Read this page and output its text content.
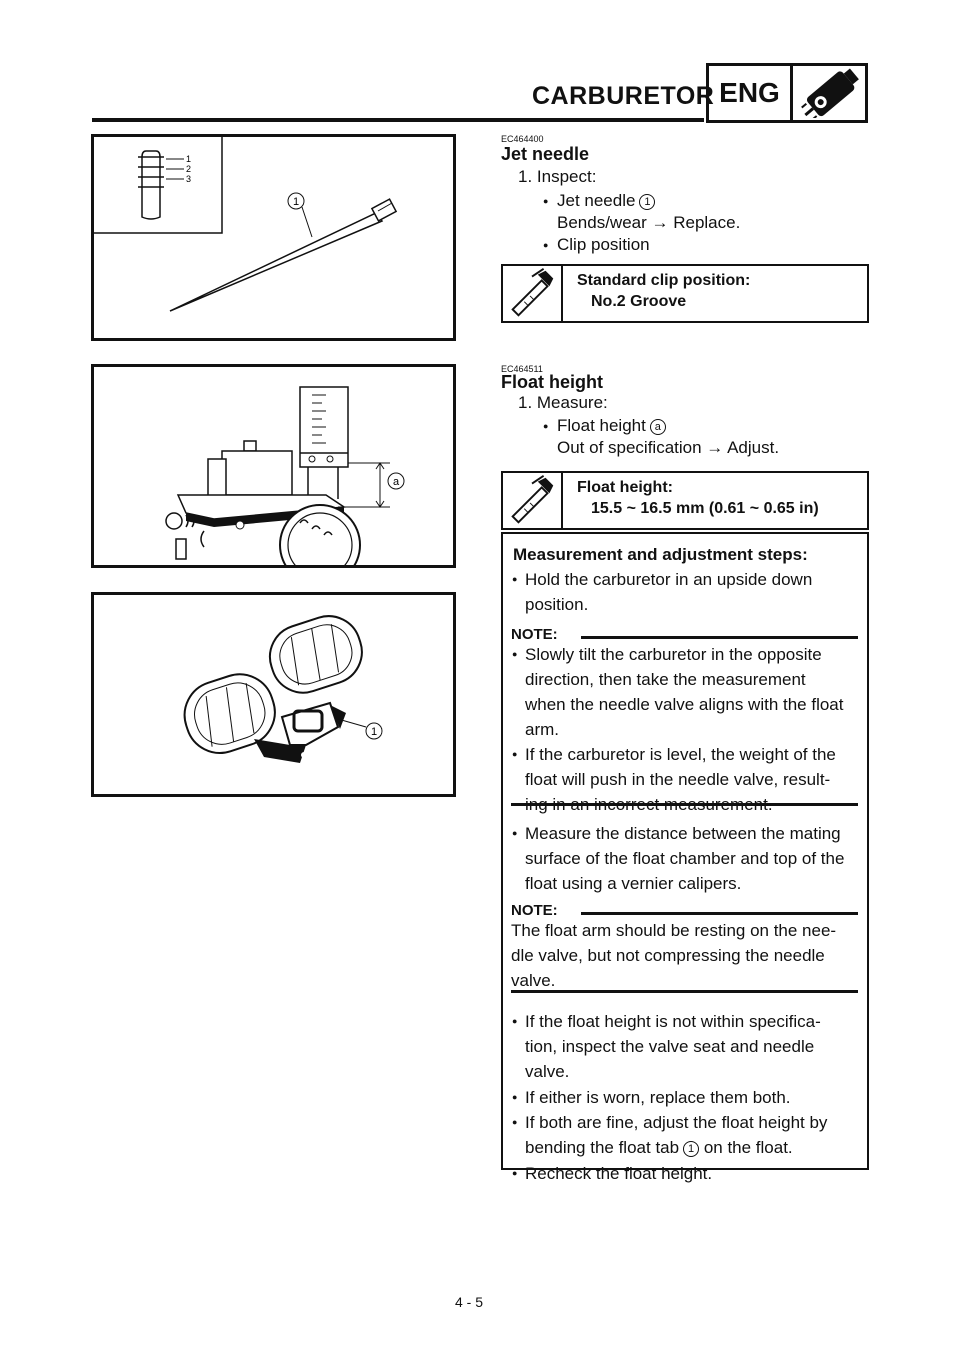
CARBURETOR ENG
1
2
3
1
a
1
EC464400
Jet needle
1. Inspect:
● Jet needle 1
Bends/wear → Replace.
● Clip position
Standard clip position:
No.2 Groove
EC464511
Float height
1. Measure:
● Float height a
Out of specification → Adjust.
Float height:
15.5 ~ 16.5 mm (0.61 ~ 0.65 in)
Measurement and adjustment steps:
● Hold the carburetor in an upside down
position.
NOTE:
● Slowly tilt the carburetor in the opposite
direction, then take the measurement
when the needle valve aligns with the float
arm.
● If the carburetor is level, the weight of the
float will push in the needle valve, result-
● Measure the distance between the mating
surface of the float chamber and top of the
float using a vernier calipers.
NOTE:
The float arm should be resting on the nee-
dle valve, but not compressing the needle
valve.
● If the float height is not within specifica-
tion, inspect the valve seat and needle
valve.
● If either is worn, replace them both.
● If both are fine, adjust the float height by
bending the float tab 1 on the float.
● Recheck the float height.
4 - 5
